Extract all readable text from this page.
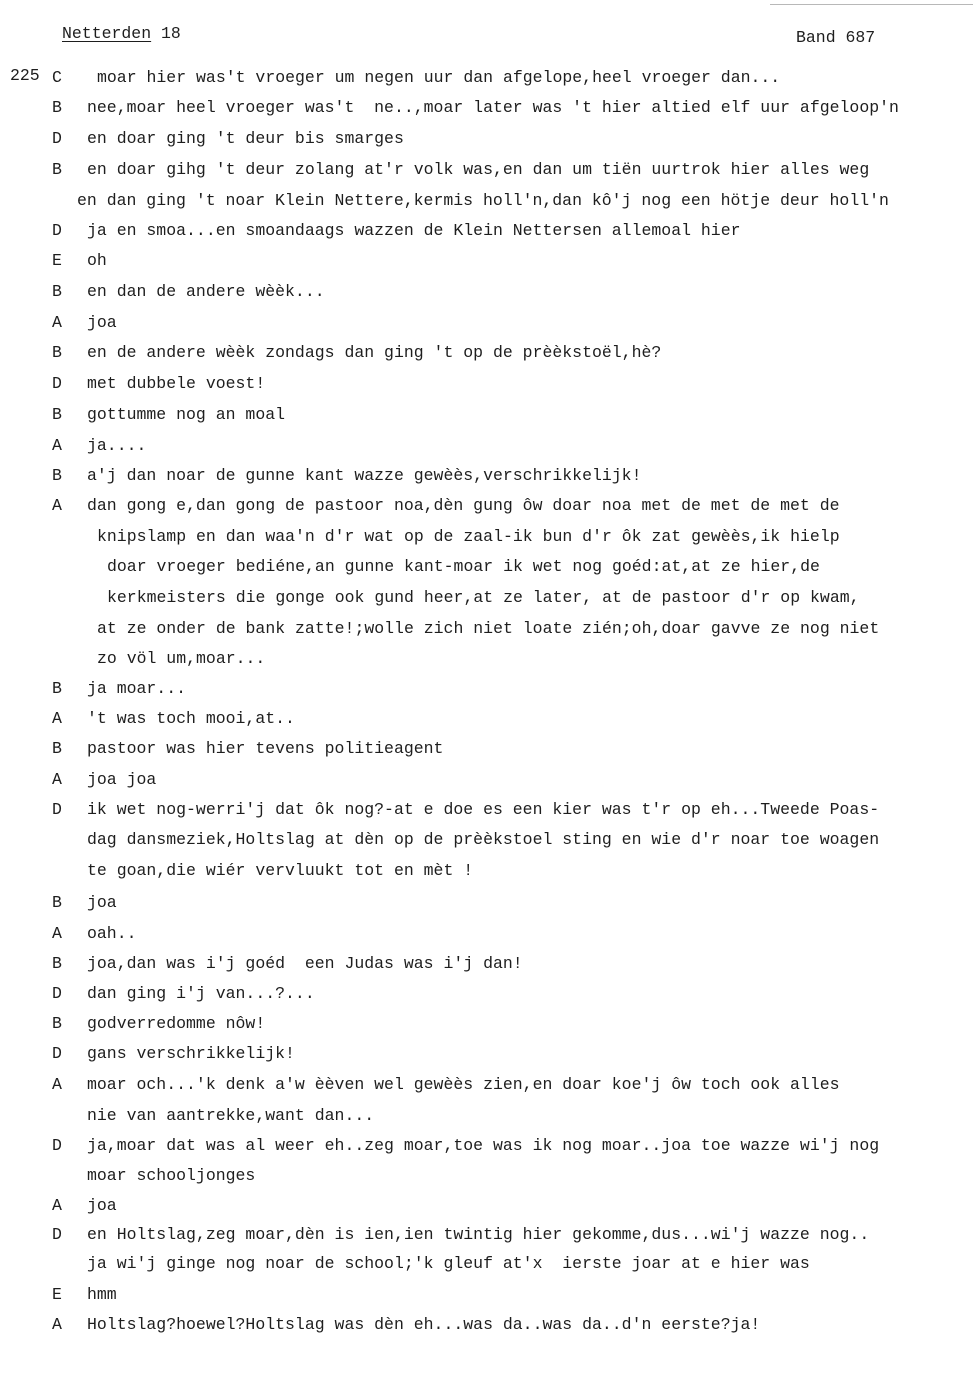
Netterden 18	Band 687
225 C moar hier was't vroeger um negen uur dan afgelope,heel vroeger dan...
B nee,moar heel vroeger was't  ne..,moar later was 't hier altied elf uur afgeloop'n
D en doar ging 't deur bis smarges
B en doar gihg 't deur zolang at'r volk was,en dan um tiën uurtrok hier alles weg
en dan ging 't noar Klein Nettere,kermis holl'n,dan kô'j nog een hötje deur holl'n
D ja en smoa...en smoandaags wazzen de Klein Nettersen allemoal hier
E oh
B en dan de andere wèèk...
A joa
B en de andere wèèk zondags dan ging 't op de prèèkstoël,hè?
D met dubbele voest!
B gottumme nog an moal
A ja....
B a'j dan noar de gunne kant wazze gewèès,verschrikkelijk!
A dan gong e,dan gong de pastoor noa,dèn gung ôw doar noa met de met de met de
knipslamp en dan waa'n d'r wat op de zaal-ik bun d'r ôk zat gewèès,ik hielp
doar vroeger bediéne,an gunne kant-moar ik wet nog goéd:at,at ze hier,de
kerkmeisters die gonge ook gund heer,at ze later, at de pastoor d'r op kwam,
at ze onder de bank zatte!;wolle zich niet loate zién;oh,doar gavve ze nog niet
zo völ um,moar...
B ja moar...
A 't was toch mooi,at..
B pastoor was hier tevens politieagent
A joa joa
D ik wet nog-werri'j dat ôk nog?-at e doe es een kier was t'r op eh...Tweede Poas-
dag dansmeziek,Holtslag at dèn op de prèèkstoel sting en wie d'r noar toe woagen
te goan,die wiér vervluukt tot en mèt !
B joa
A oah..
B joa,dan was i'j goéd  een Judas was i'j dan!
D dan ging i'j van...?...
B godverredomme nôw!
D gans verschrikkelijk!
A moar och...'k denk a'w èèven wel gewèès zien,en doar koe'j ôw toch ook alles
nie van aantrekke,want dan...
D ja,moar dat was al weer eh..zeg moar,toe was ik nog moar..joa toe wazze wi'j nog
moar schooljonges
A joa
D en Holtslag,zeg moar,dèn is ien,ien twintig hier gekomme,dus...wi'j wazze nog..
ja wi'j ginge nog noar de school;'k gleuf at'x  ierste joar at e hier was
E hmm
A Holtslag?hoewel?Holtslag was dèn eh...was da..was da..d'n eerste?ja!
